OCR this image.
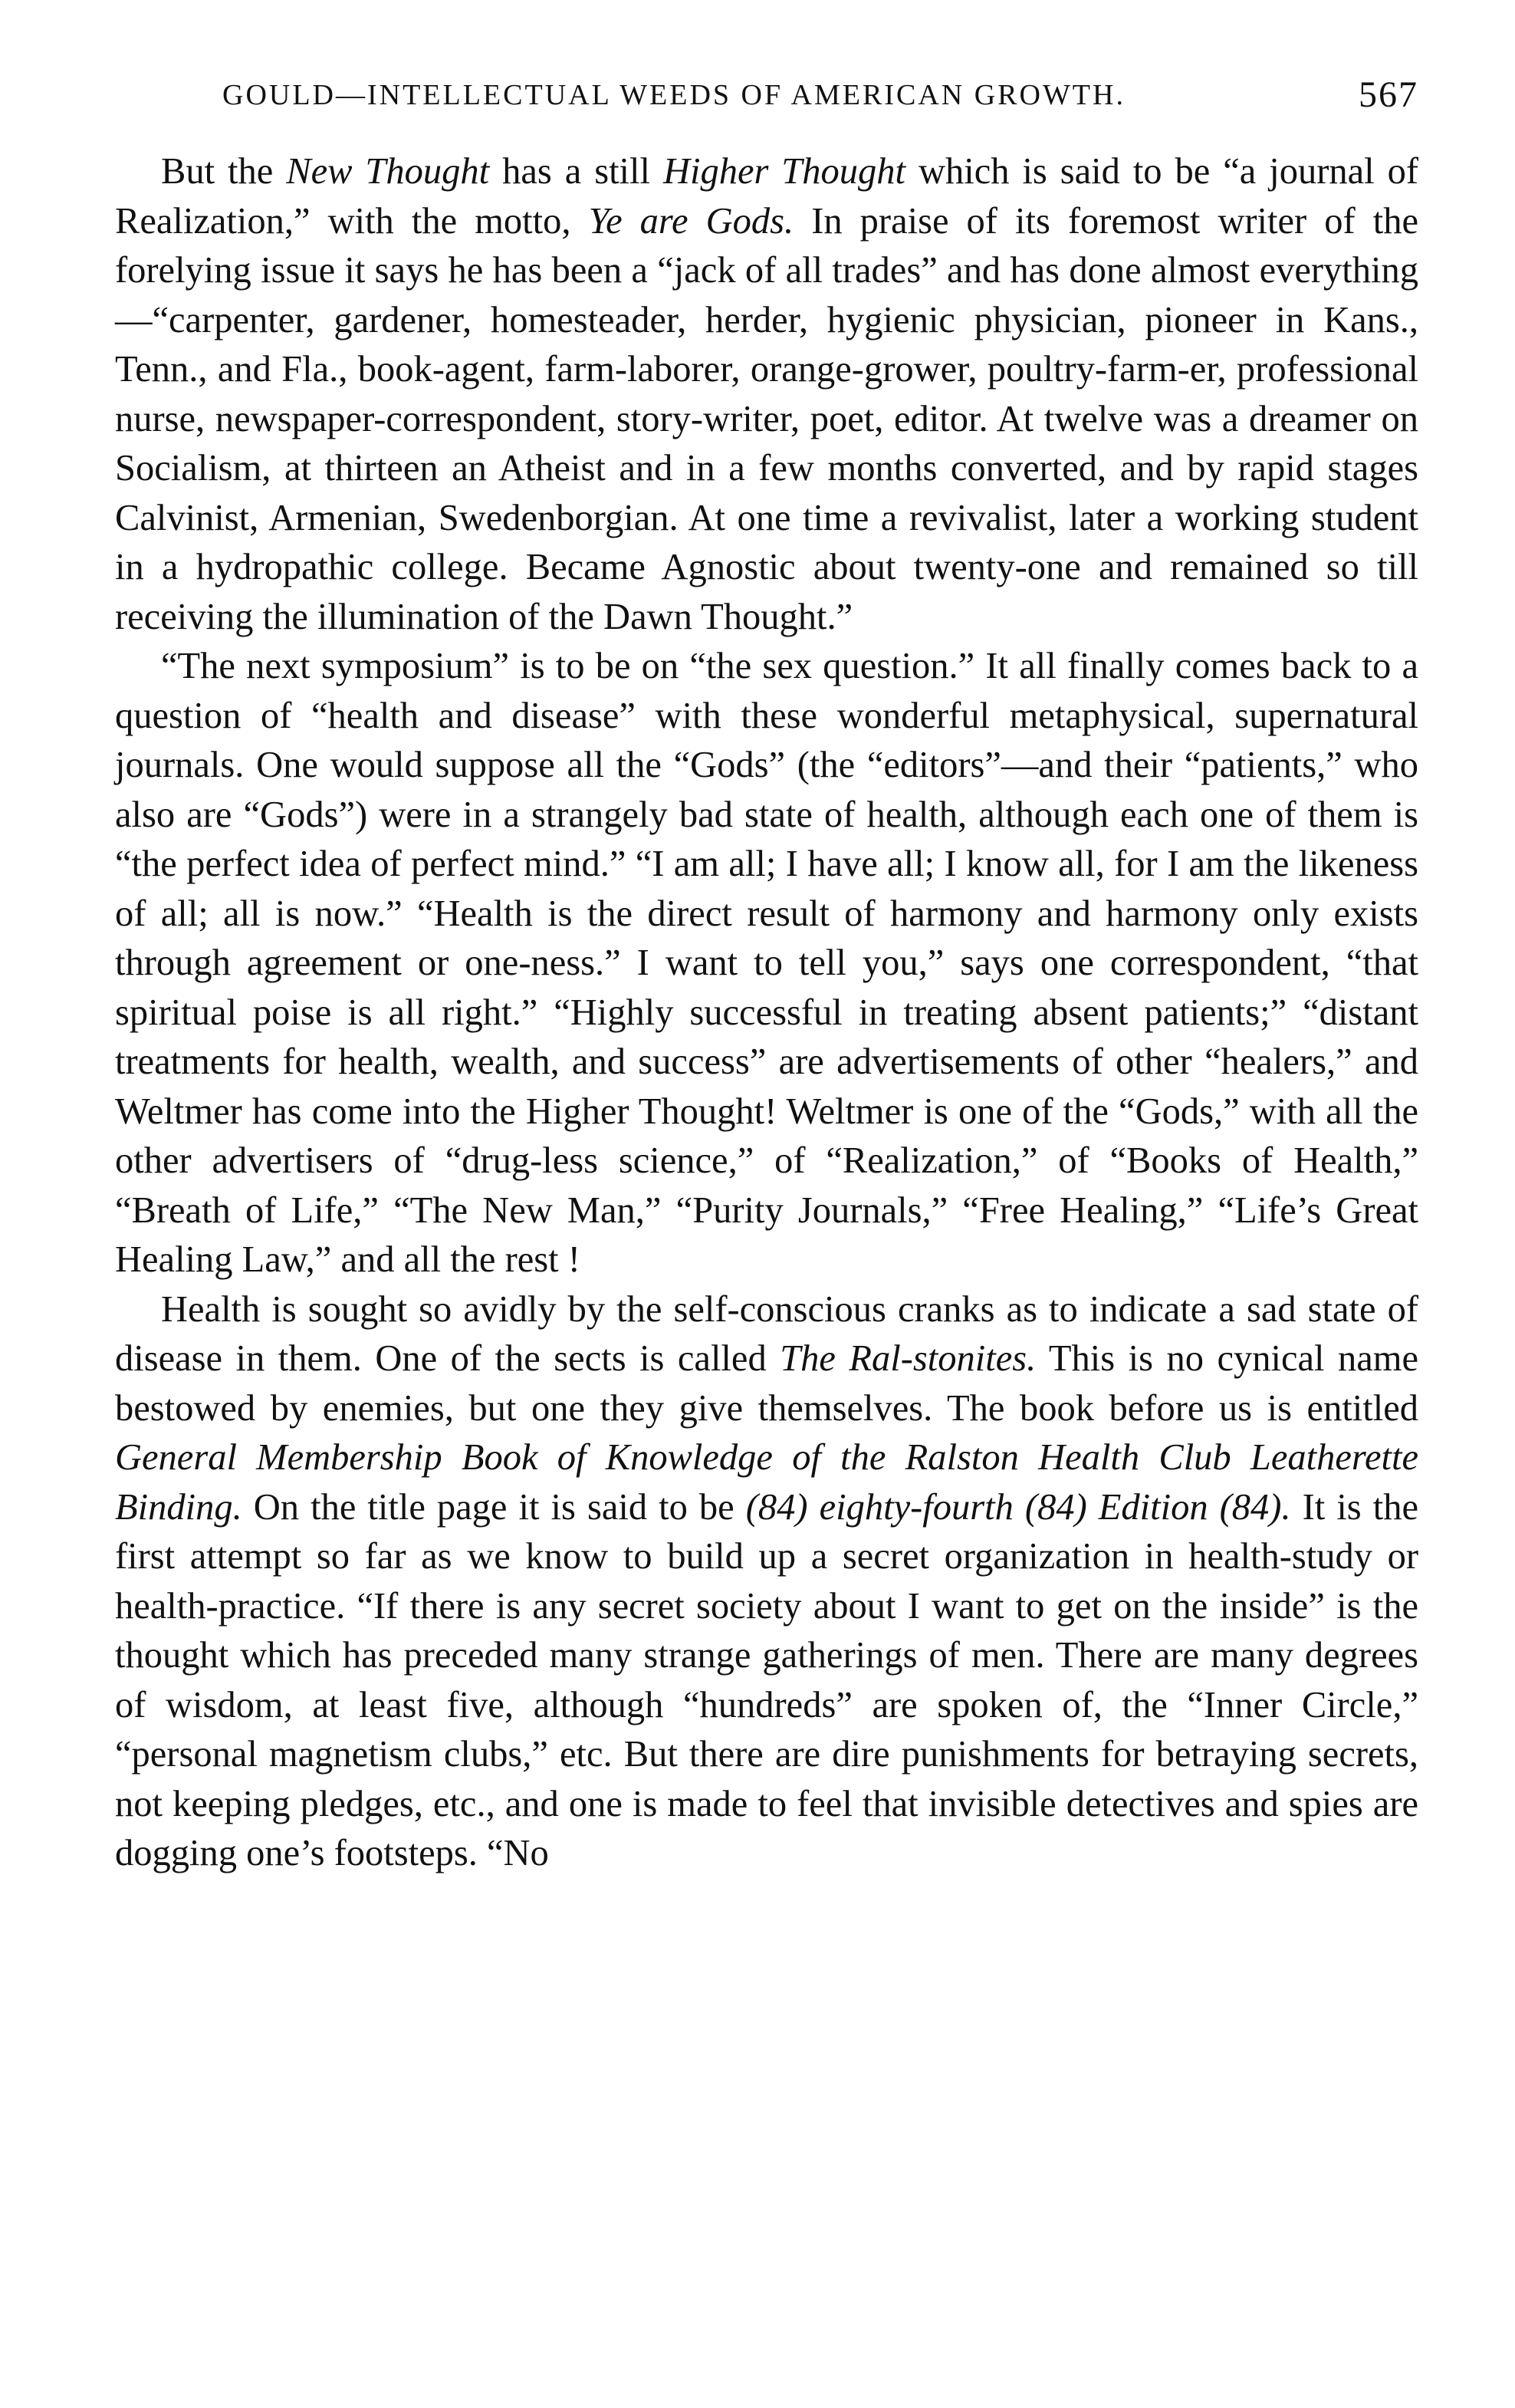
GOULD—INTELLECTUAL WEEDS OF AMERICAN GROWTH.	567

But the New Thought has a still Higher Thought which is said to be “a journal of Realization,” with the motto, Ye are Gods. In praise of its foremost writer of the forelying issue it says he has been a “jack of all trades” and has done almost everything—“carpenter, gardener, homesteader, herder, hygienic physician, pioneer in Kans., Tenn., and Fla., book-agent, farm-laborer, orange-grower, poultry-farm-er, professional nurse, newspaper-correspondent, story-writer, poet, editor. At twelve was a dreamer on Socialism, at thirteen an Atheist and in a few months converted, and by rapid stages Calvinist, Armenian, Swedenborgian. At one time a revivalist, later a working student in a hydropathic college. Became Agnostic about twenty-one and remained so till receiving the illumination of the Dawn Thought.”

“The next symposium” is to be on “the sex question.” It all finally comes back to a question of “health and disease” with these wonderful metaphysical, supernatural journals. One would suppose all the “Gods” (the “editors”—and their “patients,” who also are “Gods”) were in a strangely bad state of health, although each one of them is “the perfect idea of perfect mind.” “I am all; I have all; I know all, for I am the likeness of all; all is now.” “Health is the direct result of harmony and harmony only exists through agreement or one-ness.” I want to tell you,” says one correspondent, “that spiritual poise is all right.” “Highly successful in treating absent patients;” “distant treatments for health, wealth, and success” are advertisements of other “healers,” and Weltmer has come into the Higher Thought! Weltmer is one of the “Gods,” with all the other advertisers of “drug-less science,” of “Realization,” of “Books of Health,” “Breath of Life,” “The New Man,” “Purity Journals,” “Free Healing,” “Life’s Great Healing Law,” and all the rest !

Health is sought so avidly by the self-conscious cranks as to indicate a sad state of disease in them. One of the sects is called The Ral-stonites. This is no cynical name bestowed by enemies, but one they give themselves. The book before us is entitled General Membership Book of Knowledge of the Ralston Health Club Leatherette Binding. On the title page it is said to be (84) eighty-fourth (84) Edition (84). It is the first attempt so far as we know to build up a secret organization in health-study or health-practice. “If there is any secret society about I want to get on the inside” is the thought which has preceded many strange gatherings of men. There are many degrees of wisdom, at least five, although “hundreds” are spoken of, the “Inner Circle,” “personal magnetism clubs,” etc. But there are dire punishments for betraying secrets, not keeping pledges, etc., and one is made to feel that invisible detectives and spies are dogging one’s footsteps. “No
